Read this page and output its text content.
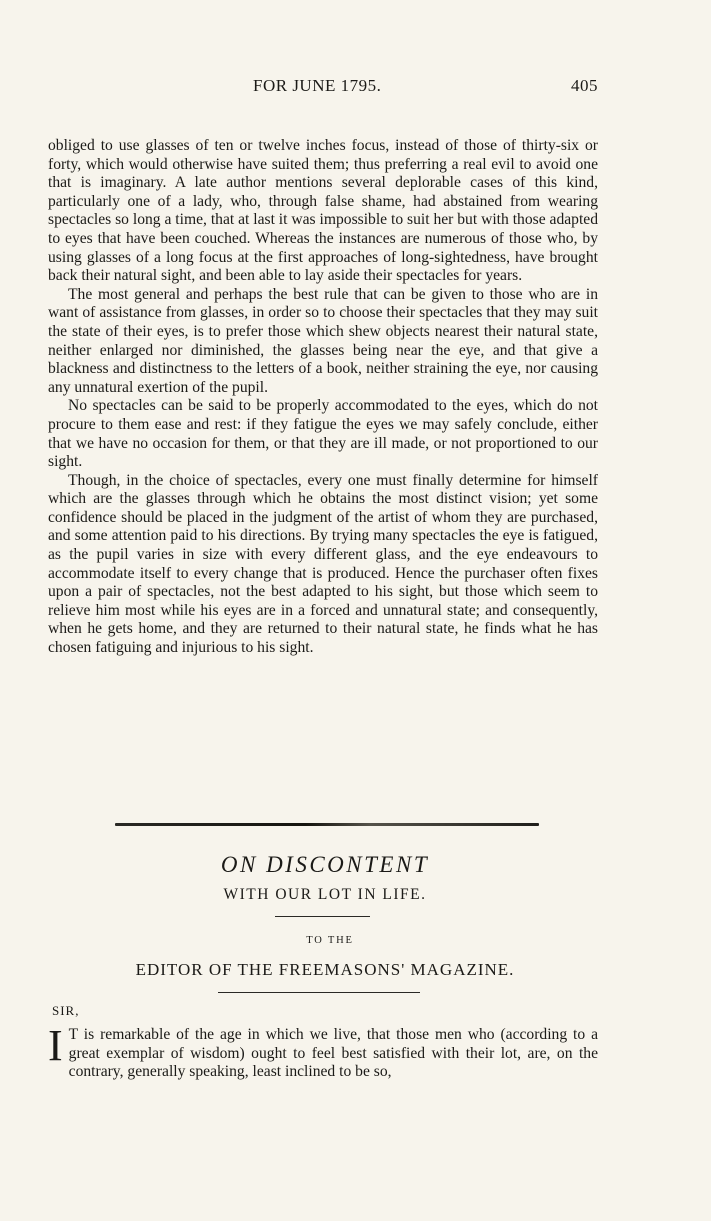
FOR JUNE 1795.	405

obliged to use glasses of ten or twelve inches focus, instead of those of thirty-six or forty, which would otherwise have suited them; thus preferring a real evil to avoid one that is imaginary. A late author mentions several deplorable cases of this kind, particularly one of a lady, who, through false shame, had abstained from wearing spectacles so long a time, that at last it was impossible to suit her but with those adapted to eyes that have been couched. Whereas the instances are numerous of those who, by using glasses of a long focus at the first approaches of long-sightedness, have brought back their natural sight, and been able to lay aside their spectacles for years.

The most general and perhaps the best rule that can be given to those who are in want of assistance from glasses, in order so to choose their spectacles that they may suit the state of their eyes, is to prefer those which shew objects nearest their natural state, neither enlarged nor diminished, the glasses being near the eye, and that give a blackness and distinctness to the letters of a book, neither straining the eye, nor causing any unnatural exertion of the pupil.

No spectacles can be said to be properly accommodated to the eyes, which do not procure to them ease and rest: if they fatigue the eyes we may safely conclude, either that we have no occasion for them, or that they are ill made, or not proportioned to our sight.

Though, in the choice of spectacles, every one must finally determine for himself which are the glasses through which he obtains the most distinct vision; yet some confidence should be placed in the judgment of the artist of whom they are purchased, and some attention paid to his directions. By trying many spectacles the eye is fatigued, as the pupil varies in size with every different glass, and the eye endeavours to accommodate itself to every change that is produced. Hence the purchaser often fixes upon a pair of spectacles, not the best adapted to his sight, but those which seem to relieve him most while his eyes are in a forced and unnatural state; and consequently, when he gets home, and they are returned to their natural state, he finds what he has chosen fatiguing and injurious to his sight.

ON DISCONTENT
WITH OUR LOT IN LIFE.
TO THE
EDITOR OF THE FREEMASONS' MAGAZINE.
SIR,
I T is remarkable of the age in which we live, that those men who (according to a great exemplar of wisdom) ought to feel best satisfied with their lot, are, on the contrary, generally speaking, least inclined to be so,
